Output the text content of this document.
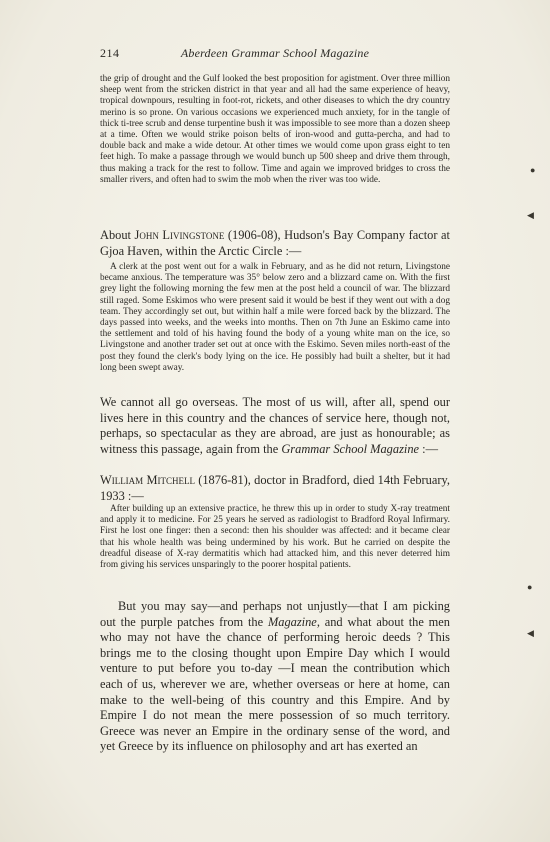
214	Aberdeen Grammar School Magazine

the grip of drought and the Gulf looked the best proposition for agistment. Over three million sheep went from the stricken district in that year and all had the same experience of heavy, tropical downpours, resulting in foot-rot, rickets, and other diseases to which the dry country merino is so prone. On various occasions we experienced much anxiety, for in the tangle of thick ti-tree scrub and dense turpentine bush it was impossible to see more than a dozen sheep at a time. Often we would strike poison belts of iron-wood and gutta-percha, and had to double back and make a wide detour. At other times we would come upon grass eight to ten feet high. To make a passage through we would bunch up 500 sheep and drive them through, thus making a track for the rest to follow. Time and again we improved bridges to cross the smaller rivers, and often had to swim the mob when the river was too wide.

About John Livingstone (1906-08), Hudson's Bay Company factor at Gjoa Haven, within the Arctic Circle :—

A clerk at the post went out for a walk in February, and as he did not return, Livingstone became anxious. The temperature was 35° below zero and a blizzard came on. With the first grey light the following morning the few men at the post held a council of war. The blizzard still raged. Some Eskimos who were present said it would be best if they went out with a dog team. They accordingly set out, but within half a mile were forced back by the blizzard. The days passed into weeks, and the weeks into months. Then on 7th June an Eskimo came into the settlement and told of his having found the body of a young white man on the ice, so Livingstone and another trader set out at once with the Eskimo. Seven miles north-east of the post they found the clerk's body lying on the ice. He possibly had built a shelter, but it had long been swept away.

We cannot all go overseas. The most of us will, after all, spend our lives here in this country and the chances of service here, though not, perhaps, so spectacular as they are abroad, are just as honourable; as witness this passage, again from the Grammar School Magazine :—

William Mitchell (1876-81), doctor in Bradford, died 14th February, 1933 :—

After building up an extensive practice, he threw this up in order to study X-ray treatment and apply it to medicine. For 25 years he served as radiologist to Bradford Royal Infirmary. First he lost one finger: then a second: then his shoulder was affected: and it became clear that his whole health was being undermined by his work. But he carried on despite the dreadful disease of X-ray dermatitis which had attacked him, and this never deterred him from giving his services unsparingly to the poorer hospital patients.

But you may say—and perhaps not unjustly—that I am picking out the purple patches from the Magazine, and what about the men who may not have the chance of performing heroic deeds ? This brings me to the closing thought upon Empire Day which I would venture to put before you to-day —I mean the contribution which each of us, wherever we are, whether overseas or here at home, can make to the well-being of this country and this Empire. And by Empire I do not mean the mere possession of so much territory. Greece was never an Empire in the ordinary sense of the word, and yet Greece by its influence on philosophy and art has exerted an

●
◀
●
◀
